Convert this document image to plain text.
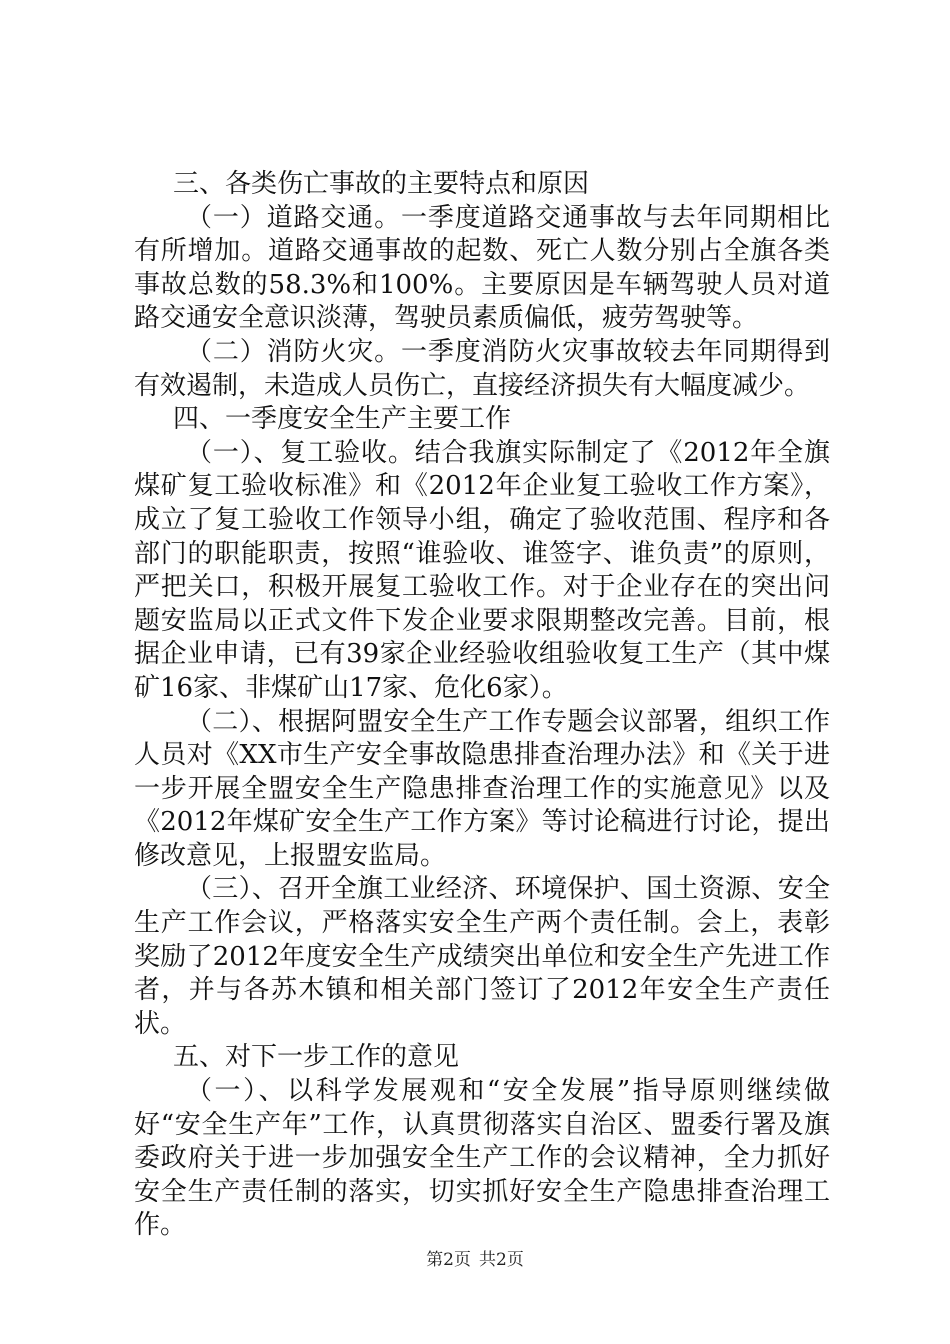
三、各类伤亡事故的主要特点和原因

（一）道路交通。一季度道路交通事故与去年同期相比有所增加。道路交通事故的起数、死亡人数分别占全旗各类事故总数的58.3%和100%。主要原因是车辆驾驶人员对道路交通安全意识淡薄，驾驶员素质偏低，疲劳驾驶等。

（二）消防火灾。一季度消防火灾事故较去年同期得到有效遏制，未造成人员伤亡，直接经济损失有大幅度减少。

四、一季度安全生产主要工作

（一）、复工验收。结合我旗实际制定了《2012年全旗煤矿复工验收标准》和《2012年企业复工验收工作方案》，成立了复工验收工作领导小组，确定了验收范围、程序和各部门的职能职责，按照“谁验收、谁签字、谁负责”的原则，严把关口，积极开展复工验收工作。对于企业存在的突出问题安监局以正式文件下发企业要求限期整改完善。目前，根据企业申请，已有39家企业经验收组验收复工生产（其中煤矿16家、非煤矿山17家、危化6家）。

（二）、根据阿盟安全生产工作专题会议部署，组织工作人员对《XX市生产安全事故隐患排查治理办法》和《关于进一步开展全盟安全生产隐患排查治理工作的实施意见》以及《2012年煤矿安全生产工作方案》等讨论稿进行讨论，提出修改意见，上报盟安监局。

（三）、召开全旗工业经济、环境保护、国土资源、安全生产工作会议，严格落实安全生产两个责任制。会上，表彰奖励了2012年度安全生产成绩突出单位和安全生产先进工作者，并与各苏木镇和相关部门签订了2012年安全生产责任状。

五、对下一步工作的意见

（一）、以科学发展观和“安全发展”指导原则继续做好“安全生产年”工作，认真贯彻落实自治区、盟委行署及旗委政府关于进一步加强安全生产工作的会议精神，全力抓好安全生产责任制的落实，切实抓好安全生产隐患排查治理工作。

第2页 共2页
